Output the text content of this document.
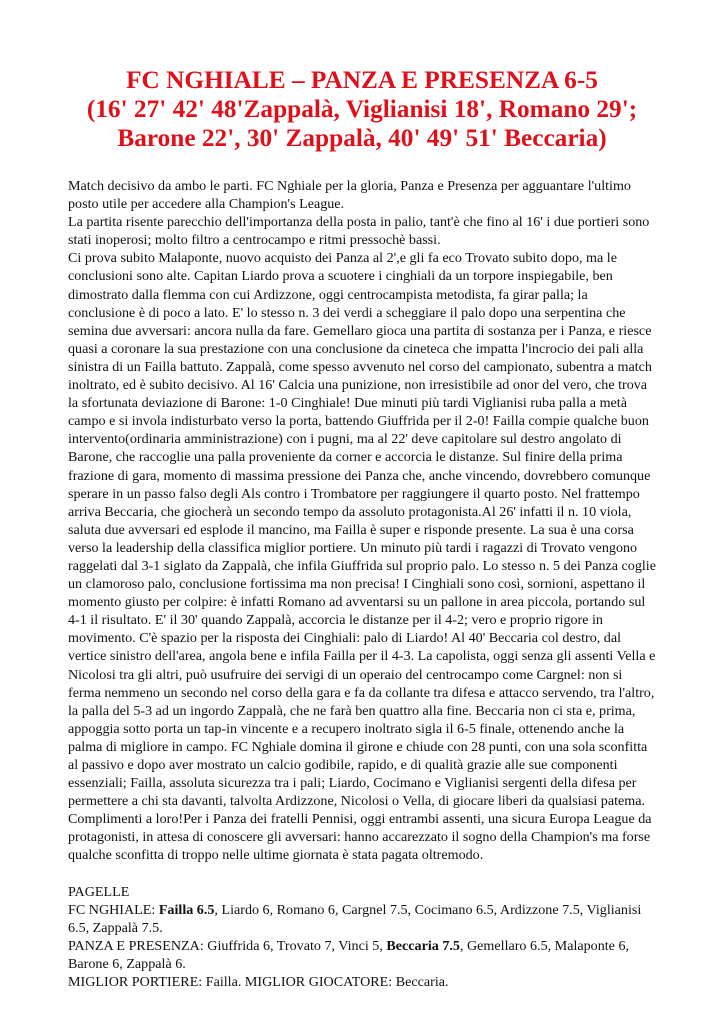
FC NGHIALE – PANZA E PRESENZA 6-5
(16' 27' 42' 48'Zappalà, Viglianisi 18', Romano 29';
Barone 22', 30' Zappalà, 40' 49' 51' Beccaria)

Match decisivo da ambo le parti. FC Nghiale per la gloria, Panza e Presenza per agguantare l'ultimo posto utile per accedere alla Champion's League.

La partita risente parecchio dell'importanza della posta in palio, tant'è che fino al 16' i due portieri sono stati inoperosi; molto filtro a centrocampo e ritmi pressochè bassi.

Ci prova subito Malaponte, nuovo acquisto dei Panza al 2',e gli fa eco Trovato subito dopo, ma le conclusioni sono alte. Capitan Liardo prova a scuotere i cinghiali da un torpore inspiegabile, ben dimostrato dalla flemma con cui Ardizzone, oggi centrocampista metodista, fa girar palla; la conclusione è di poco a lato. E' lo stesso n. 3 dei verdi a scheggiare il palo dopo una serpentina che semina due avversari: ancora nulla da fare. Gemellaro gioca una partita di sostanza per i Panza, e riesce quasi a coronare la sua prestazione con una conclusione da cineteca che impatta l'incrocio dei pali alla sinistra di un Failla battuto. Zappalà, come spesso avvenuto nel corso del campionato, subentra a match inoltrato, ed è subito decisivo. Al 16' Calcia una punizione, non irresistibile ad onor del vero, che trova la sfortunata deviazione di Barone: 1-0 Cinghiale! Due minuti più tardi Viglianisi ruba palla a metà campo e si invola indisturbato verso la porta, battendo Giuffrida per il 2-0! Failla compie qualche buon intervento(ordinaria amministrazione) con i pugni, ma al 22' deve capitolare sul destro angolato di Barone, che raccoglie una palla proveniente da corner e accorcia le distanze. Sul finire della prima frazione di gara, momento di massima pressione dei Panza che, anche vincendo, dovrebbero comunque sperare in un passo falso degli Als contro i Trombatore per raggiungere il quarto posto. Nel frattempo arriva Beccaria, che giocherà un secondo tempo da assoluto protagonista.Al 26' infatti il n. 10 viola, saluta due avversari ed esplode il mancino, ma Failla è super e risponde presente. La sua è una corsa verso la leadership della classifica miglior portiere. Un minuto più tardi i ragazzi di Trovato vengono raggelati dal 3-1 siglato da Zappalà, che infila Giuffrida sul proprio palo. Lo stesso n. 5 dei Panza coglie un clamoroso palo, conclusione fortissima ma non precisa! I Cinghiali sono così, sornioni, aspettano il momento giusto per colpire: è infatti Romano ad avventarsi su un pallone in area piccola, portando sul 4-1 il risultato. E' il 30' quando Zappalà, accorcia le distanze per il 4-2; vero e proprio rigore in movimento. C'è spazio per la risposta dei Cinghiali: palo di Liardo! Al 40' Beccaria col destro, dal vertice sinistro dell'area, angola bene e infila Failla per il 4-3. La capolista, oggi senza gli assenti Vella e Nicolosi tra gli altri, può usufruire dei servigi di un operaio del centrocampo come Cargnel: non si ferma nemmeno un secondo nel corso della gara e fa da collante tra difesa e attacco servendo, tra l'altro, la palla del 5-3 ad un ingordo Zappalà, che ne farà ben quattro alla fine. Beccaria non ci sta e, prima, appoggia sotto porta un tap-in vincente e a recupero inoltrato sigla il 6-5 finale, ottenendo anche la palma di migliore in campo. FC Nghiale domina il girone e chiude con 28 punti, con una sola sconfitta al passivo e dopo aver mostrato un calcio godibile, rapido, e di qualità grazie alle sue componenti essenziali; Failla, assoluta sicurezza tra i pali; Liardo, Cocimano e Viglianisi sergenti della difesa per permettere a chi sta davanti, talvolta Ardizzone, Nicolosi o Vella, di giocare liberi da qualsiasi patema. Complimenti a loro!Per i Panza dei fratelli Pennisi, oggi entrambi assenti, una sicura Europa League da protagonisti, in attesa di conoscere gli avversari: hanno accarezzato il sogno della Champion's ma forse qualche sconfitta di troppo nelle ultime giornata è stata pagata oltremodo.

PAGELLE

FC NGHIALE: Failla 6.5, Liardo 6, Romano 6, Cargnel 7.5, Cocimano 6.5, Ardizzone 7.5, Viglianisi 6.5, Zappalà 7.5.

PANZA E PRESENZA: Giuffrida 6, Trovato 7, Vinci 5, Beccaria 7.5, Gemellaro 6.5, Malaponte 6, Barone 6, Zappalà 6.

MIGLIOR PORTIERE: Failla. MIGLIOR GIOCATORE: Beccaria.
